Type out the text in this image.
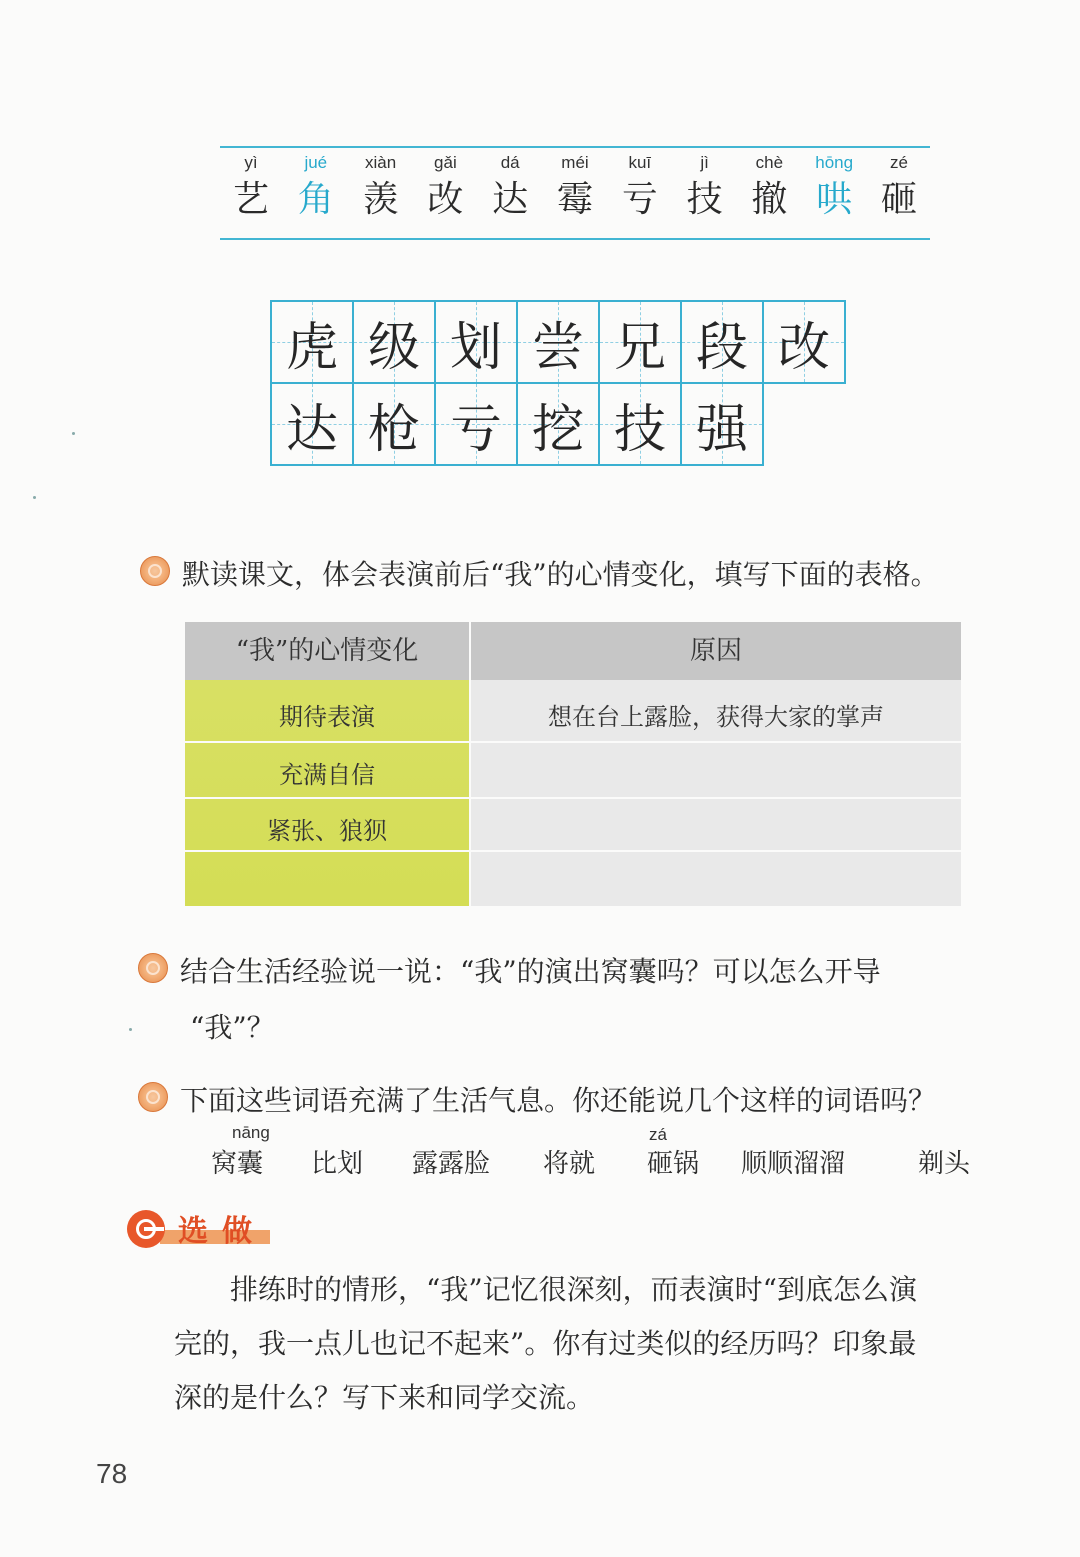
yì
艺
jué
角
xiàn
羡
gǎi
改
dá
达
méi
霉
kuī
亏
jì
技
chè
撤
hōng
哄
zé
砸
虎 级 划 尝 兄 段 改
达 枪 亏 挖 技 强
默读课文，体会表演前后“我”的心情变化，填写下面的表格。
“我”的心情变化	原因
期待表演	想在台上露脸，获得大家的掌声
充满自信
紧张、狼狈
结合生活经验说一说：“我”的演出窝囊吗？可以怎么开导
“我”？
下面这些词语充满了生活气息。你还能说几个这样的词语吗？
nāng
窝囊 比划 露露脸 将就
zá
砸锅 顺顺溜溜	剃头
选做
排练时的情形，“我”记忆很深刻，而表演时“到底怎么演
完的，我一点儿也记不起来”。你有过类似的经历吗？印象最
深的是什么？写下来和同学交流。
78
